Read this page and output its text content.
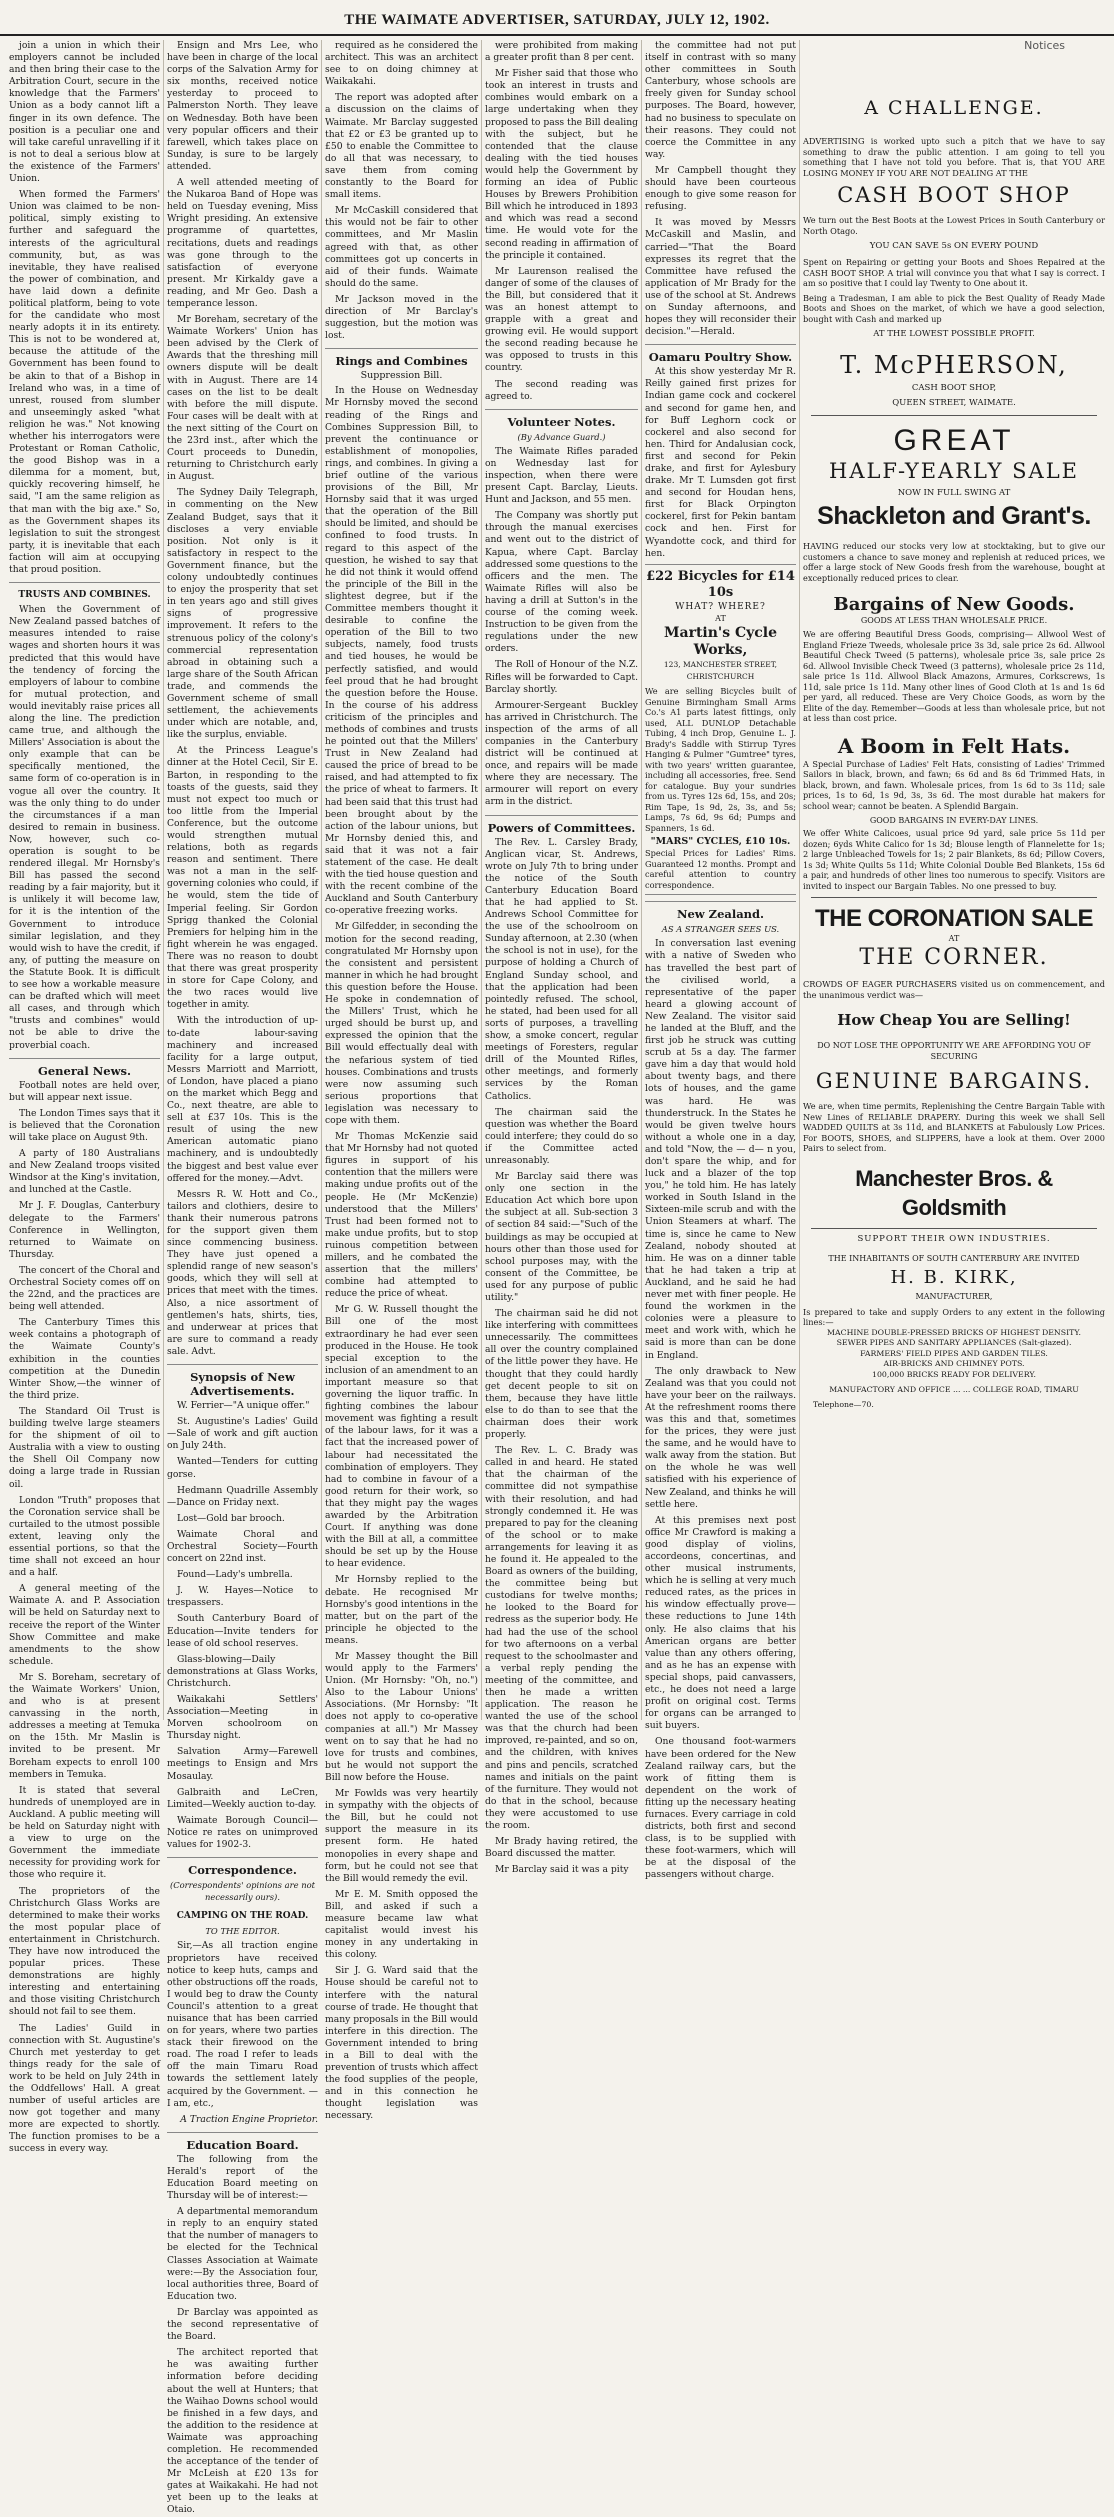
THE WAIMATE ADVERTISER, SATURDAY, JULY 12, 1902.

join a union in which their employers cannot be included and then bring their case to the Arbitration Court, secure in the knowledge that the Farmers' Union as a body cannot lift a finger in its own defence. The position is a peculiar one and will take careful unravelling if it is not to deal a serious blow at the existence of the Farmers' Union.

When formed the Farmers' Union was claimed to be non-political, simply existing to further and safeguard the interests of the agricultural community, but, as was inevitable, they have realised the power of combination, and have laid down a definite political platform, being to vote for the candidate who most nearly adopts it in its entirety. This is not to be wondered at, because the attitude of the Government has been found to be akin to that of a Bishop in Ireland who was, in a time of unrest, roused from slumber and unseemingly asked "what religion he was." Not knowing whether his interrogators were Protestant or Roman Catholic, the good Bishop was in a dilemma for a moment, but, quickly recovering himself, he said, "I am the same religion as that man with the big axe." So, as the Government shapes its legislation to suit the strongest party, it is inevitable that each faction will aim at occupying that proud position.

TRUSTS AND COMBINES.

When the Government of New Zealand passed batches of measures intended to raise wages and shorten hours it was predicted that this would have the tendency of forcing the employers of labour to combine for mutual protection, and would inevitably raise prices all along the line. The prediction came true, and although the Millers' Association is about the only example that can be specifically mentioned, the same form of co-operation is in vogue all over the country. It was the only thing to do under the circumstances if a man desired to remain in business. Now, however, such co-operation is sought to be rendered illegal. Mr Hornsby's Bill has passed the second reading by a fair majority, but it is unlikely it will become law, for it is the intention of the Government to introduce similar legislation, and they would wish to have the credit, if any, of putting the measure on the Statute Book. It is difficult to see how a workable measure can be drafted which will meet all cases, and through which "trusts and combines" would not be able to drive the proverbial coach.

General News.

Football notes are held over, but will appear next issue.

The London Times says that it is believed that the Coronation will take place on August 9th.

A party of 180 Australians and New Zealand troops visited Windsor at the King's invitation, and lunched at the Castle.

Mr J. F. Douglas, Canterbury delegate to the Farmers' Conference in Wellington, returned to Waimate on Thursday.

The concert of the Choral and Orchestral Society comes off on the 22nd, and the practices are being well attended.

The Canterbury Times this week contains a photograph of the Waimate County's exhibition in the counties competition at the Dunedin Winter Show,—the winner of the third prize.

The Standard Oil Trust is building twelve large steamers for the shipment of oil to Australia with a view to ousting the Shell Oil Company now doing a large trade in Russian oil.

London "Truth" proposes that the Coronation service shall be curtailed to the utmost possible extent, leaving only the essential portions, so that the time shall not exceed an hour and a half.

A general meeting of the Waimate A. and P. Association will be held on Saturday next to receive the report of the Winter Show Committee and make amendments to the show schedule.

Mr S. Boreham, secretary of the Waimate Workers' Union, and who is at present canvassing in the north, addresses a meeting at Temuka on the 15th. Mr Maslin is invited to be present. Mr Boreham expects to enroll 100 members in Temuka.

It is stated that several hundreds of unemployed are in Auckland. A public meeting will be held on Saturday night with a view to urge on the Government the immediate necessity for providing work for those who require it.

The proprietors of the Christchurch Glass Works are determined to make their works the most popular place of entertainment in Christchurch. They have now introduced the popular prices. These demonstrations are highly interesting and entertaining and those visiting Christchurch should not fail to see them.

The Ladies' Guild in connection with St. Augustine's Church met yesterday to get things ready for the sale of work to be held on July 24th in the Oddfellows' Hall. A great number of useful articles are now got together and many more are expected to shortly. The function promises to be a success in every way.

Ensign and Mrs Lee, who have been in charge of the local corps of the Salvation Army for six months, received notice yesterday to proceed to Palmerston North. They leave on Wednesday. Both have been very popular officers and their farewell, which takes place on Sunday, is sure to be largely attended.

A well attended meeting of the Nukaroa Band of Hope was held on Tuesday evening, Miss Wright presiding. An extensive programme of quartettes, recitations, duets and readings was gone through to the satisfaction of everyone present. Mr Kirkaldy gave a reading, and Mr Geo. Dash a temperance lesson.

Mr Boreham, secretary of the Waimate Workers' Union has been advised by the Clerk of Awards that the threshing mill owners dispute will be dealt with in August. There are 14 cases on the list to be dealt with before the mill dispute. Four cases will be dealt with at the next sitting of the Court on the 23rd inst., after which the Court proceeds to Dunedin, returning to Christchurch early in August.

The Sydney Daily Telegraph, in commenting on the New Zealand Budget, says that it discloses a very enviable position. Not only is it satisfactory in respect to the Government finance, but the colony undoubtedly continues to enjoy the prosperity that set in ten years ago and still gives signs of progressive improvement. It refers to the strenuous policy of the colony's commercial representation abroad in obtaining such a large share of the South African trade, and commends the Government scheme of small settlement, the achievements under which are notable, and, like the surplus, enviable.

At the Princess League's dinner at the Hotel Cecil, Sir E. Barton, in responding to the toasts of the guests, said they must not expect too much or too little from the Imperial Conference, but the outcome would strengthen mutual relations, both as regards reason and sentiment. There was not a man in the self-governing colonies who could, if he would, stem the tide of Imperial feeling. Sir Gordon Sprigg thanked the Colonial Premiers for helping him in the fight wherein he was engaged. There was no reason to doubt that there was great prosperity in store for Cape Colony, and the two races would live together in amity.

With the introduction of up-to-date labour-saving machinery and increased facility for a large output, Messrs Marriott and Marriott, of London, have placed a piano on the market which Begg and Co., next theatre, are able to sell at £37 10s. This is the result of using the new American automatic piano machinery, and is undoubtedly the biggest and best value ever offered for the money.—Advt.

Messrs R. W. Hott and Co., tailors and clothiers, desire to thank their numerous patrons for the support given them since commencing business. They have just opened a splendid range of new season's goods, which they will sell at prices that meet with the times. Also, a nice assortment of gentlemen's hats, shirts, ties, and underwear at prices that are sure to command a ready sale. Advt.

Synopsis of New Advertisements.

W. Ferrier—"A unique offer."

St. Augustine's Ladies' Guild—Sale of work and gift auction on July 24th.

Wanted—Tenders for cutting gorse.

Hedmann Quadrille Assembly—Dance on Friday next.

Lost—Gold bar brooch.

Waimate Choral and Orchestral Society—Fourth concert on 22nd inst.

Found—Lady's umbrella.

J. W. Hayes—Notice to trespassers.

South Canterbury Board of Education—Invite tenders for lease of old school reserves.

Glass-blowing—Daily demonstrations at Glass Works, Christchurch.

Waikakahi Settlers' Association—Meeting in Morven schoolroom on Thursday night.

Salvation Army—Farewell meetings to Ensign and Mrs Mosaulay.

Galbraith and LeCren, Limited—Weekly auction to-day.

Waimate Borough Council—Notice re rates on unimproved values for 1902-3.

Correspondence.
(Correspondents' opinions are not necessarily ours).
CAMPING ON THE ROAD.
TO THE EDITOR.

Sir,—As all traction engine proprietors have received notice to keep huts, camps and other obstructions off the roads, I would beg to draw the County Council's attention to a great nuisance that has been carried on for years, where two parties stack their firewood on the road. The road I refer to leads off the main Timaru Road towards the settlement lately acquired by the Government. — I am, etc.,

A Traction Engine Proprietor.

Education Board.

The following from the Herald's report of the Education Board meeting on Thursday will be of interest:—

A departmental memorandum in reply to an enquiry stated that the number of managers to be elected for the Technical Classes Association at Waimate were:—By the Association four, local authorities three, Board of Education two.

Dr Barclay was appointed as the second representative of the Board.

The architect reported that he was awaiting further information before deciding about the well at Hunters; that the Waihao Downs school would be finished in a few days, and the addition to the residence at Waimate was approaching completion. He recommended the acceptance of the tender of Mr McLeish at £20 13s for gates at Waikakahi. He had not yet been up to the leaks at Otaio.

required as he considered the architect. This was an architect see to on doing chimney at Waikakahi.

The report was adopted after a discussion on the claims of Waimate. Mr Barclay suggested that £2 or £3 be granted up to £50 to enable the Committee to do all that was necessary, to save them from coming constantly to the Board for small items.

Mr McCaskill considered that this would not be fair to other committees, and Mr Maslin agreed with that, as other committees got up concerts in aid of their funds. Waimate should do the same.

Mr Jackson moved in the direction of Mr Barclay's suggestion, but the motion was lost.

Rings and Combines
Suppression Bill.

In the House on Wednesday Mr Hornsby moved the second reading of the Rings and Combines Suppression Bill, to prevent the continuance or establishment of monopolies, rings, and combines. In giving a brief outline of the various provisions of the Bill, Mr Hornsby said that it was urged that the operation of the Bill should be limited, and should be confined to food trusts. In regard to this aspect of the question, he wished to say that he did not think it would offend the principle of the Bill in the slightest degree, but if the Committee members thought it desirable to confine the operation of the Bill to two subjects, namely, food trusts and tied houses, he would be perfectly satisfied, and would feel proud that he had brought the question before the House. In the course of his address criticism of the principles and methods of combines and trusts he pointed out that the Millers' Trust in New Zealand had caused the price of bread to be raised, and had attempted to fix the price of wheat to farmers. It had been said that this trust had been brought about by the action of the labour unions, but Mr Hornsby denied this, and said that it was not a fair statement of the case. He dealt with the tied house question and with the recent combine of the Auckland and South Canterbury co-operative freezing works.

Mr Gilfedder, in seconding the motion for the second reading, congratulated Mr Hornsby upon the consistent and persistent manner in which he had brought this question before the House. He spoke in condemnation of the Millers' Trust, which he urged should be burst up, and expressed the opinion that the Bill would effectually deal with the nefarious system of tied houses. Combinations and trusts were now assuming such serious proportions that legislation was necessary to cope with them.

Mr Thomas McKenzie said that Mr Hornsby had not quoted figures in support of his contention that the millers were making undue profits out of the people. He (Mr McKenzie) understood that the Millers' Trust had been formed not to make undue profits, but to stop ruinous competition between millers, and he combated the assertion that the millers' combine had attempted to reduce the price of wheat.

Mr G. W. Russell thought the Bill one of the most extraordinary he had ever seen produced in the House. He took special exception to the inclusion of an amendment to an important measure so that governing the liquor traffic. In fighting combines the labour movement was fighting a result of the labour laws, for it was a fact that the increased power of labour had necessitated the combination of employers. They had to combine in favour of a good return for their work, so that they might pay the wages awarded by the Arbitration Court. If anything was done with the Bill at all, a committee should be set up by the House to hear evidence.

Mr Hornsby replied to the debate. He recognised Mr Hornsby's good intentions in the matter, but on the part of the principle he objected to the means.

Mr Massey thought the Bill would apply to the Farmers' Union. (Mr Hornsby: "Oh, no.") Also to the Labour Unions' Associations. (Mr Hornsby: "It does not apply to co-operative companies at all.") Mr Massey went on to say that he had no love for trusts and combines, but he would not support the Bill now before the House.

Mr Fowlds was very heartily in sympathy with the objects of the Bill, but he could not support the measure in its present form. He hated monopolies in every shape and form, but he could not see that the Bill would remedy the evil.

Mr E. M. Smith opposed the Bill, and asked if such a measure became law what capitalist would invest his money in any undertaking in this colony.

Sir J. G. Ward said that the House should be careful not to interfere with the natural course of trade. He thought that many proposals in the Bill would interfere in this direction. The Government intended to bring in a Bill to deal with the prevention of trusts which affect the food supplies of the people, and in this connection he thought legislation was necessary.

were prohibited from making a greater profit than 8 per cent.

Mr Fisher said that those who took an interest in trusts and combines would embark on a large undertaking when they proposed to pass the Bill dealing with the subject, but he contended that the clause dealing with the tied houses would help the Government by forming an idea of Public Houses by Brewers Prohibition Bill which he introduced in 1893 and which was read a second time. He would vote for the second reading in affirmation of the principle it contained.

Mr Laurenson realised the danger of some of the clauses of the Bill, but considered that it was an honest attempt to grapple with a great and growing evil. He would support the second reading because he was opposed to trusts in this country.

The second reading was agreed to.

Volunteer Notes.
(By Advance Guard.)

The Waimate Rifles paraded on Wednesday last for inspection, when there were present Capt. Barclay, Lieuts. Hunt and Jackson, and 55 men.

The Company was shortly put through the manual exercises and went out to the district of Kapua, where Capt. Barclay addressed some questions to the officers and the men. The Waimate Rifles will also be having a drill at Sutton's in the course of the coming week. Instruction to be given from the regulations under the new orders.

The Roll of Honour of the N.Z. Rifles will be forwarded to Capt. Barclay shortly.

Armourer-Sergeant Buckley has arrived in Christchurch. The inspection of the arms of all companies in the Canterbury district will be continued at once, and repairs will be made where they are necessary. The armourer will report on every arm in the district.

Powers of Committees.

The Rev. L. Carsley Brady, Anglican vicar, St. Andrews, wrote on July 7th to bring under the notice of the South Canterbury Education Board that he had applied to St. Andrews School Committee for the use of the schoolroom on Sunday afternoon, at 2.30 (when the school is not in use), for the purpose of holding a Church of England Sunday school, and that the application had been pointedly refused. The school, he stated, had been used for all sorts of purposes, a travelling show, a smoke concert, regular meetings of Foresters, regular drill of the Mounted Rifles, other meetings, and formerly services by the Roman Catholics.

The chairman said the question was whether the Board could interfere; they could do so if the Committee acted unreasonably.

Mr Barclay said there was only one section in the Education Act which bore upon the subject at all. Sub-section 3 of section 84 said:—"Such of the buildings as may be occupied at hours other than those used for school purposes may, with the consent of the Committee, be used for any purpose of public utility."

The chairman said he did not like interfering with committees unnecessarily. The committees all over the country complained of the little power they have. He thought that they could hardly get decent people to sit on them, because they have little else to do than to see that the chairman does their work properly.

The Rev. L. C. Brady was called in and heard. He stated that the chairman of the committee did not sympathise with their resolution, and had strongly condemned it. He was prepared to pay for the cleaning of the school or to make arrangements for leaving it as he found it. He appealed to the Board as owners of the building, the committee being but custodians for twelve months; he looked to the Board for redress as the superior body. He had had the use of the school for two afternoons on a verbal request to the schoolmaster and a verbal reply pending the meeting of the committee, and then he made a written application. The reason he wanted the use of the school was that the church had been improved, re-painted, and so on, and the children, with knives and pins and pencils, scratched names and initials on the paint of the furniture. They would not do that in the school, because they were accustomed to use the room.

Mr Brady having retired, the Board discussed the matter.

Mr Barclay said it was a pity

the committee had not put itself in contrast with so many other committees in South Canterbury, whose schools are freely given for Sunday school purposes. The Board, however, had no business to speculate on their reasons. They could not coerce the Committee in any way.

Mr Campbell thought they should have been courteous enough to give some reason for refusing.

It was moved by Messrs McCaskill and Maslin, and carried—"That the Board expresses its regret that the Committee have refused the application of Mr Brady for the use of the school at St. Andrews on Sunday afternoons, and hopes they will reconsider their decision."—Herald.

Oamaru Poultry Show.

At this show yesterday Mr R. Reilly gained first prizes for Indian game cock and cockerel and second for game hen, and for Buff Leghorn cock or cockerel and also second for hen. Third for Andalusian cock, first and second for Pekin drake, and first for Aylesbury drake. Mr T. Lumsden got first and second for Houdan hens, first for Black Orpington cockerel, first for Pekin bantam cock and hen. First for Wyandotte cock, and third for hen.

£22 Bicycles for £14 10s
WHAT? WHERE?
AT
Martin's Cycle Works,
123, MANCHESTER STREET, CHRISTCHURCH
We are selling Bicycles built of Genuine Birmingham Small Arms Co.'s A1 parts latest fittings, only used, ALL DUNLOP Detachable Tubing, 4 inch Drop, Genuine L. J. Brady's Saddle with Stirrup Tyres Hanging & Pulmer "Gumtree" tyres, with two years' written guarantee, including all accessories, free. Send for catalogue. Buy your sundries from us. Tyres 12s 6d, 15s, and 20s; Rim Tape, 1s 9d, 2s, 3s, and 5s; Lamps, 7s 6d, 9s 6d; Pumps and Spanners, 1s 6d.
"MARS" CYCLES, £10 10s.
Special Prices for Ladies' Rims. Guaranteed 12 months. Prompt and careful attention to country correspondence.
New Zealand.
AS A STRANGER SEES US.

In conversation last evening with a native of Sweden who has travelled the best part of the civilised world, a representative of the paper heard a glowing account of New Zealand. The visitor said he landed at the Bluff, and the first job he struck was cutting scrub at 5s a day. The farmer gave him a day that would hold about twenty bags, and there lots of houses, and the game was hard. He was thunderstruck. In the States he would be given twelve hours without a whole one in a day, and told "Now, the — d— n you, don't spare the whip, and for luck and a blazer of the top you," he told him. He has lately worked in South Island in the Sixteen-mile scrub and with the Union Steamers at wharf. The time is, since he came to New Zealand, nobody shouted at him. He was on a dinner table that he had taken a trip at Auckland, and he said he had never met with finer people. He found the workmen in the colonies were a pleasure to meet and work with, which he said is more than can be done in England.

The only drawback to New Zealand was that you could not have your beer on the railways. At the refreshment rooms there was this and that, sometimes for the prices, they were just the same, and he would have to walk away from the station. But on the whole he was well satisfied with his experience of New Zealand, and thinks he will settle here.

At this premises next post office Mr Crawford is making a good display of violins, accordeons, concertinas, and other musical instruments, which he is selling at very much reduced rates, as the prices in his window effectually prove—these reductions to June 14th only. He also claims that his American organs are better value than any others offering, and as he has an expense with special shops, paid canvassers, etc., he does not need a large profit on original cost. Terms for organs can be arranged to suit buyers.

One thousand foot-warmers have been ordered for the New Zealand railway cars, but the work of fitting them is dependent on the work of fitting up the necessary heating furnaces. Every carriage in cold districts, both first and second class, is to be supplied with these foot-warmers, which will be at the disposal of the passengers without charge.

Notices
A CHALLENGE.
ADVERTISING is worked upto such a pitch that we have to say something to draw the public attention. I am going to tell you something that I have not told you before. That is, that YOU ARE LOSING MONEY IF YOU ARE NOT DEALING AT THE
CASH BOOT SHOP
We turn out the Best Boots at the Lowest Prices in South Canterbury or North Otago.
YOU CAN SAVE 5s ON EVERY POUND
Spent on Repairing or getting your Boots and Shoes Repaired at the CASH BOOT SHOP. A trial will convince you that what I say is correct. I am so positive that I could lay Twenty to One about it.
Being a Tradesman, I am able to pick the Best Quality of Ready Made Boots and Shoes on the market, of which we have a good selection, bought with Cash and marked up
AT THE LOWEST POSSIBLE PROFIT.
T. McPHERSON,
CASH BOOT SHOP,
QUEEN STREET, WAIMATE.
GREAT
HALF-YEARLY SALE
NOW IN FULL SWING AT
Shackleton and Grant's.
HAVING reduced our stocks very low at stocktaking, but to give our customers a chance to save money and replenish at reduced prices, we offer a large stock of New Goods fresh from the warehouse, bought at exceptionally reduced prices to clear.
Bargains of New Goods.
GOODS AT LESS THAN WHOLESALE PRICE.
We are offering Beautiful Dress Goods, comprising— Allwool West of England Frieze Tweeds, wholesale price 3s 3d, sale price 2s 6d. Allwool Beautiful Check Tweed (5 patterns), wholesale price 3s, sale price 2s 6d. Allwool Invisible Check Tweed (3 patterns), wholesale price 2s 11d, sale price 1s 11d. Allwool Black Amazons, Armures, Corkscrews, 1s 11d, sale price 1s 11d. Many other lines of Good Cloth at 1s and 1s 6d per yard, all reduced. These are Very Choice Goods, as worn by the Elite of the day. Remember—Goods at less than wholesale price, but not at less than cost price.
A Boom in Felt Hats.
A Special Purchase of Ladies' Felt Hats, consisting of Ladies' Trimmed Sailors in black, brown, and fawn; 6s 6d and 8s 6d Trimmed Hats, in black, brown, and fawn. Wholesale prices, from 1s 6d to 3s 11d; sale prices, 1s to 6d, 1s 9d, 3s, 3s 6d. The most durable hat makers for school wear; cannot be beaten. A Splendid Bargain.
GOOD BARGAINS IN EVERY-DAY LINES.
We offer White Calicoes, usual price 9d yard, sale price 5s 11d per dozen; 6yds White Calico for 1s 3d; Blouse length of Flannelette for 1s; 2 large Unbleached Towels for 1s; 2 pair Blankets, 8s 6d; Pillow Covers, 1s 3d; White Quilts 5s 11d; White Colonial Double Bed Blankets, 15s 6d a pair, and hundreds of other lines too numerous to specify. Visitors are invited to inspect our Bargain Tables. No one pressed to buy.
THE CORONATION SALE
AT
THE CORNER.
CROWDS OF EAGER PURCHASERS visited us on commencement, and the unanimous verdict was—
How Cheap You are Selling!
DO NOT LOSE THE OPPORTUNITY WE ARE AFFORDING YOU OF SECURING
GENUINE BARGAINS.
We are, when time permits, Replenishing the Centre Bargain Table with New Lines of RELIABLE DRAPERY. During this week we shall Sell WADDED QUILTS at 3s 11d, and BLANKETS at Fabulously Low Prices. For BOOTS, SHOES, and SLIPPERS, have a look at them. Over 2000 Pairs to select from.
Manchester Bros. & Goldsmith
SUPPORT THEIR OWN INDUSTRIES.
THE INHABITANTS OF SOUTH CANTERBURY ARE INVITED
H. B. KIRK,
MANUFACTURER,
Is prepared to take and supply Orders to any extent in the following lines:—
MACHINE DOUBLE-PRESSED BRICKS OF HIGHEST DENSITY.
SEWER PIPES AND SANITARY APPLIANCES (Salt-glazed).
FARMERS' FIELD PIPES AND GARDEN TILES.
AIR-BRICKS AND CHIMNEY POTS.
100,000 BRICKS READY FOR DELIVERY.
MANUFACTORY AND OFFICE ... ... COLLEGE ROAD, TIMARU
Telephone—70.
